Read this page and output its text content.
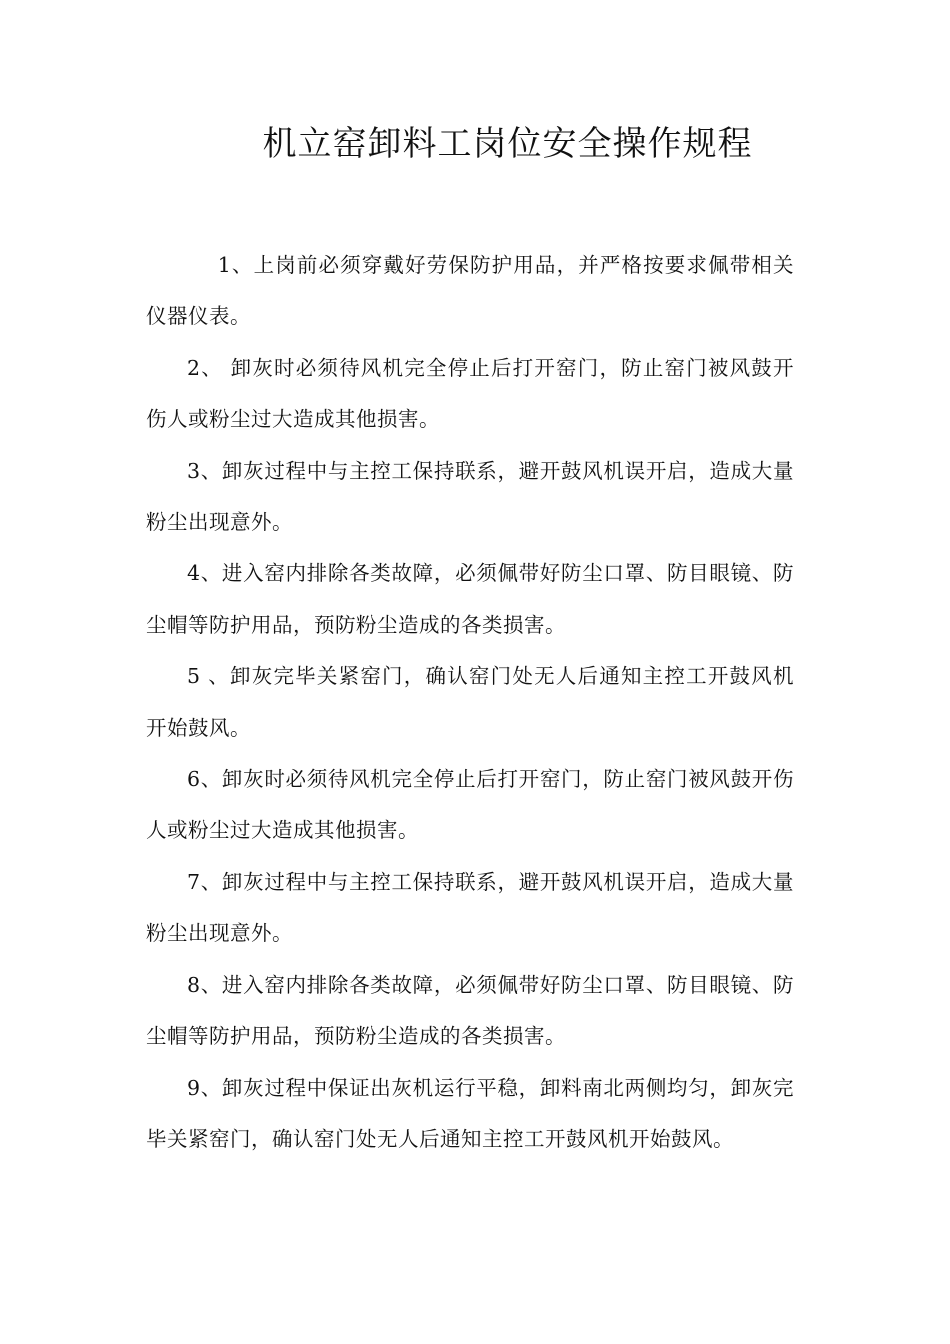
机立窑卸料工岗位安全操作规程

1、上岗前必须穿戴好劳保防护用品，并严格按要求佩带相关仪器仪表。

2、 卸灰时必须待风机完全停止后打开窑门，防止窑门被风鼓开伤人或粉尘过大造成其他损害。

3、卸灰过程中与主控工保持联系，避开鼓风机误开启，造成大量粉尘出现意外。

4、进入窑内排除各类故障，必须佩带好防尘口罩、防目眼镜、防尘帽等防护用品，预防粉尘造成的各类损害。

5 、卸灰完毕关紧窑门，确认窑门处无人后通知主控工开鼓风机开始鼓风。

6、卸灰时必须待风机完全停止后打开窑门，防止窑门被风鼓开伤人或粉尘过大造成其他损害。

7、卸灰过程中与主控工保持联系，避开鼓风机误开启，造成大量粉尘出现意外。

8、进入窑内排除各类故障，必须佩带好防尘口罩、防目眼镜、防尘帽等防护用品，预防粉尘造成的各类损害。

9、卸灰过程中保证出灰机运行平稳，卸料南北两侧均匀，卸灰完毕关紧窑门，确认窑门处无人后通知主控工开鼓风机开始鼓风。
